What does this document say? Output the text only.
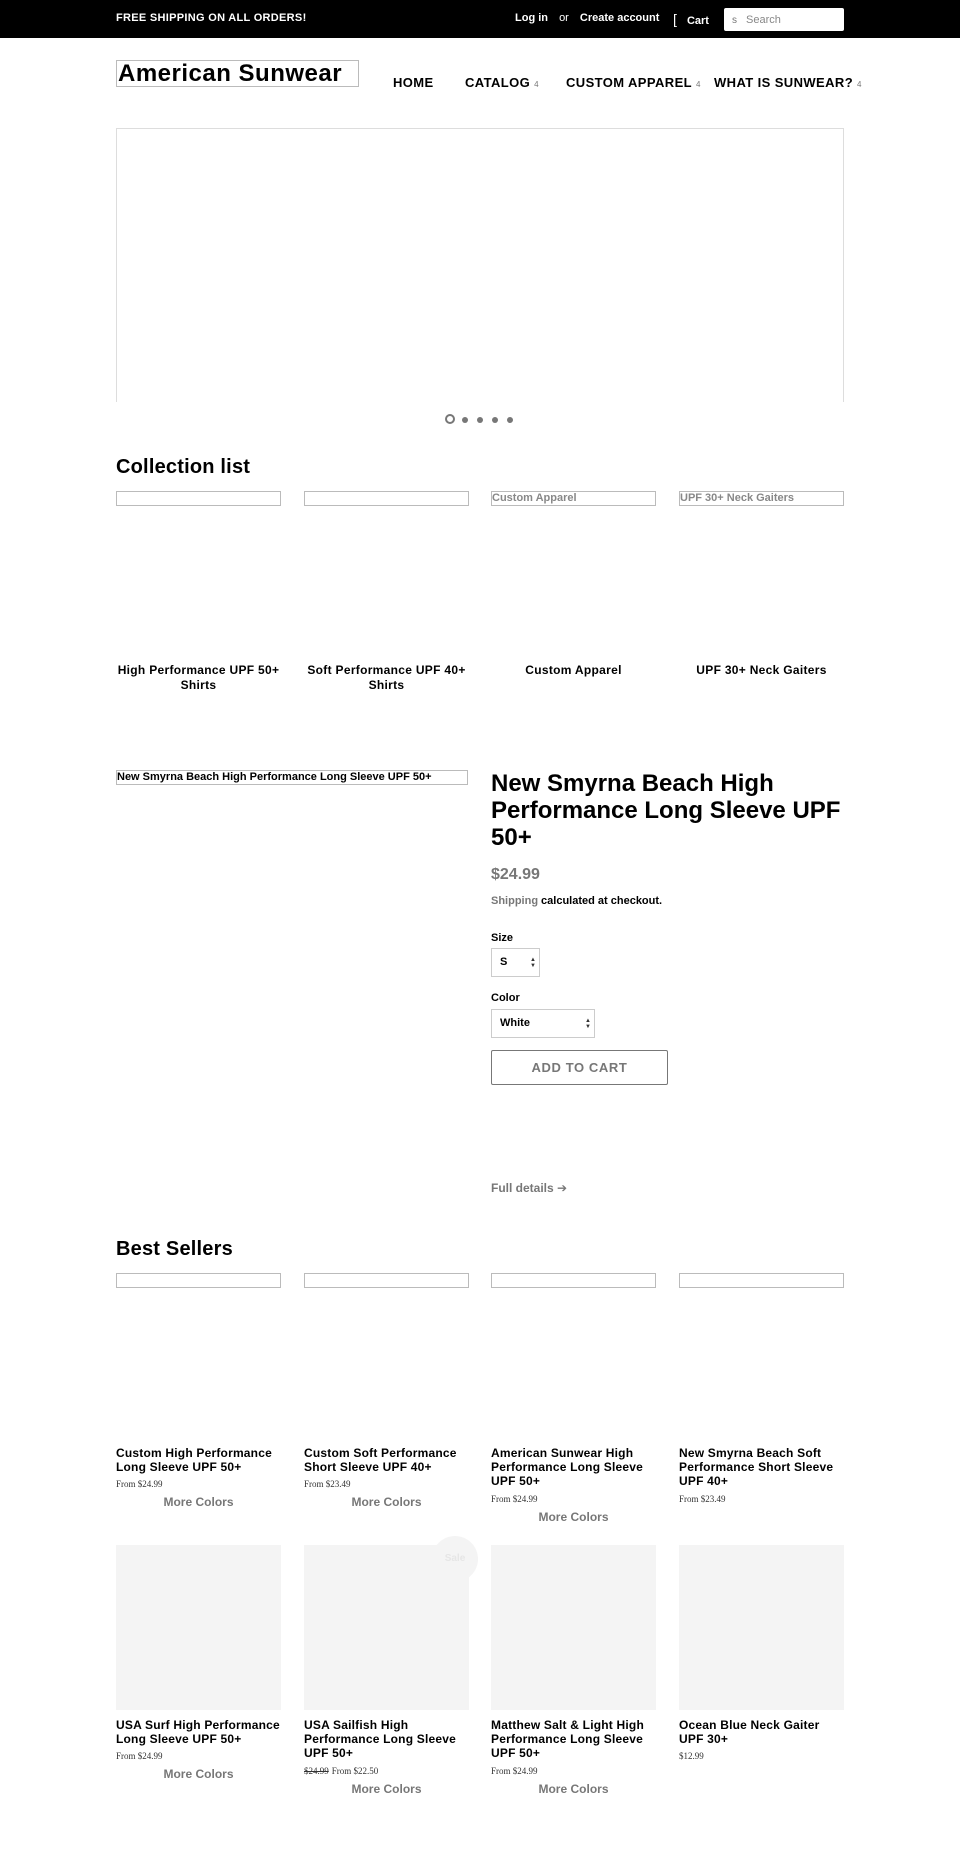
FREE SHIPPING ON ALL ORDERS!	Log in or Create account [ Cart s
Search
American Sunwear	HOME CATALOG 4 CUSTOM APPAREL 4 WHAT IS SUNWEAR? 4
Collection list
High Performance UPF 50+
Shirts
Soft Performance UPF 40+
Shirts
Custom Apparel
Custom Apparel
UPF 30+ Neck Gaiters
UPF 30+ Neck Gaiters
New Smyrna Beach High Performance Long Sleeve UPF 50+	New Smyrna Beach High
Performance Long Sleeve UPF
50+
$24.99
Shipping calculated at checkout.
Size
S	▲
▼
Color
White	▲
▼
ADD TO CART
Full details ➔
Best Sellers
Custom High Performance
Long Sleeve UPF 50+
From $24.99
More Colors
Custom Soft Performance
Short Sleeve UPF 40+
From $23.49
More Colors
American Sunwear High
Performance Long Sleeve
UPF 50+
From $24.99
More Colors
New Smyrna Beach Soft
Performance Short Sleeve
UPF 40+
From $23.49
USA Surf High Performance
Long Sleeve UPF 50+
From $24.99
More Colors
Sale
USA Sailfish High
Performance Long Sleeve
UPF 50+
$24.99 From $22.50
More Colors
Matthew Salt & Light High
Performance Long Sleeve
UPF 50+
From $24.99
More Colors
Ocean Blue Neck Gaiter
UPF 30+
$12.99
